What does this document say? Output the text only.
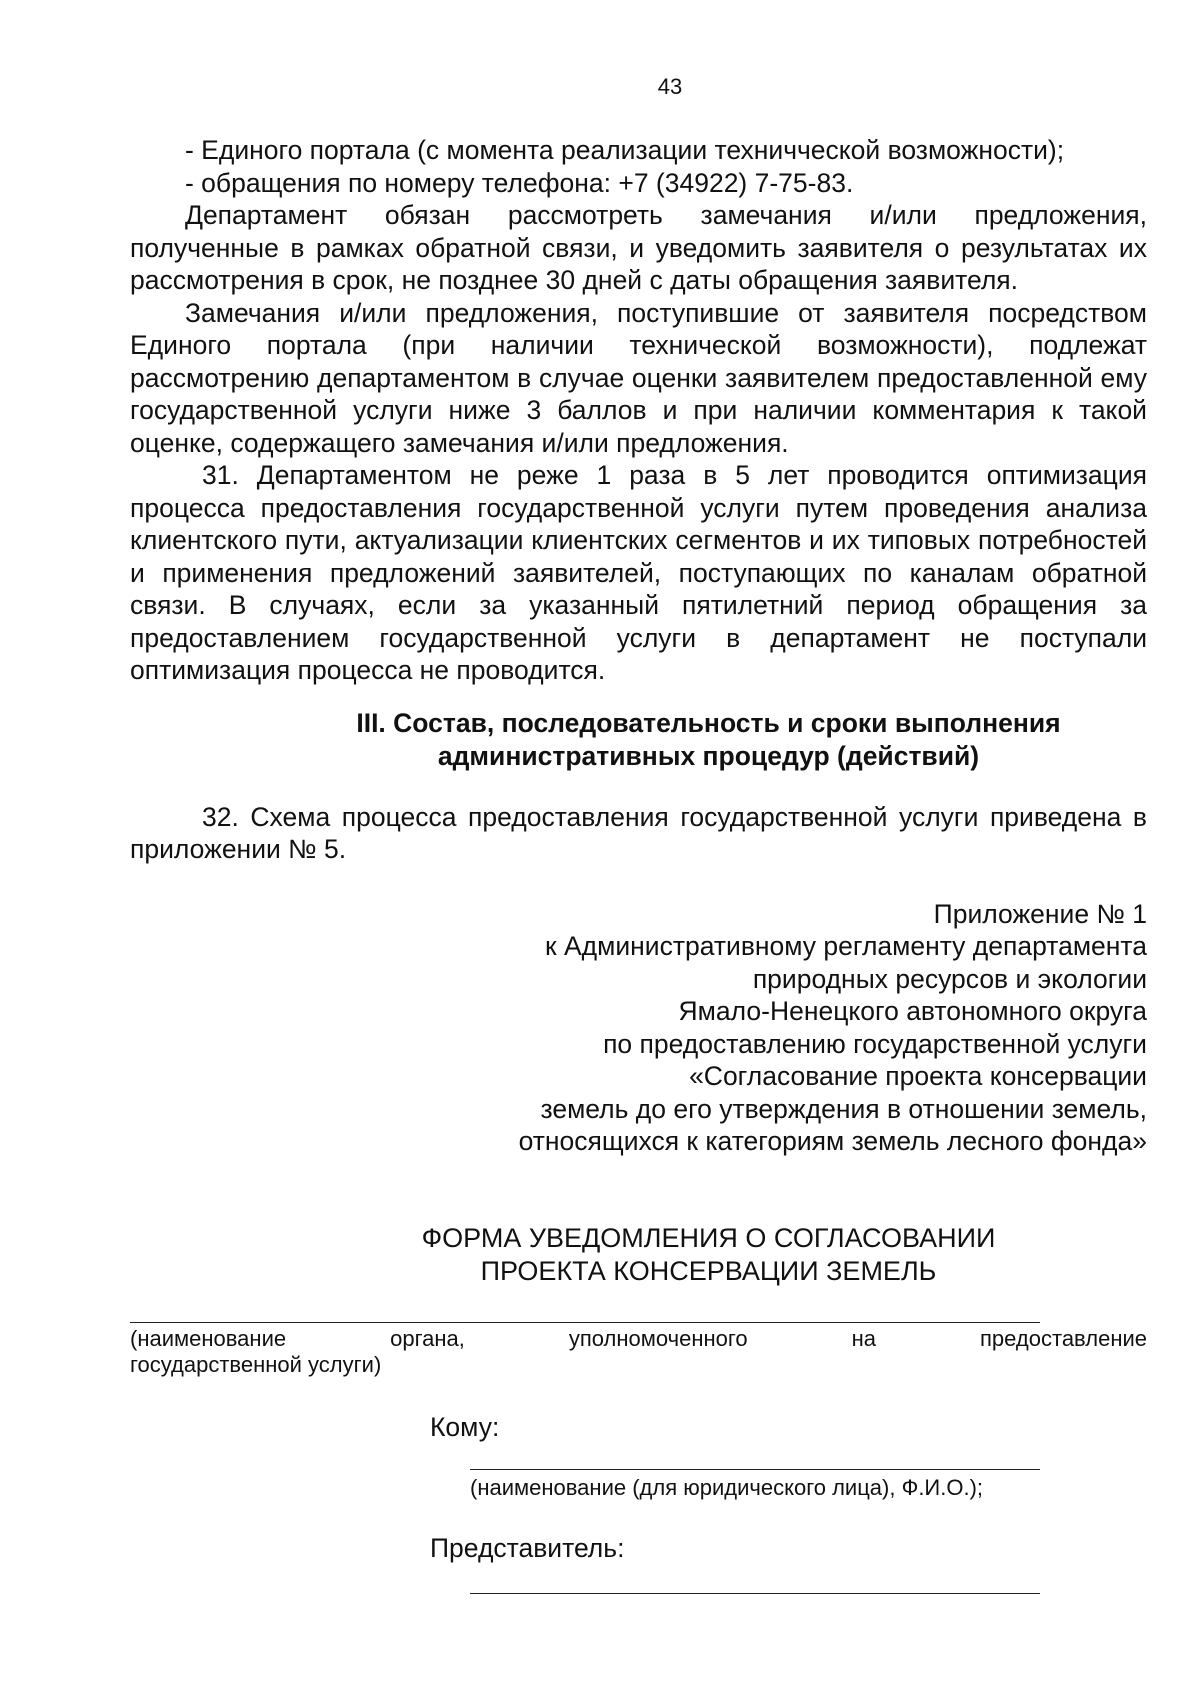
43

- Единого портала (с момента реализации техничческой возможности);

- обращения по номеру телефона: +7 (34922) 7-75-83.

Департамент обязан рассмотреть замечания и/или предложения, полученные в рамках обратной связи, и уведомить заявителя о результатах их рассмотрения в срок, не позднее 30 дней с даты обращения заявителя.

Замечания и/или предложения, поступившие от заявителя посредством Единого портала (при наличии технической возможности), подлежат рассмотрению департаментом в случае оценки заявителем предоставленной ему государственной услуги ниже 3 баллов и при наличии комментария к такой оценке, содержащего замечания и/или предложения.

31. Департаментом не реже 1 раза в 5 лет проводится оптимизация процесса предоставления государственной услуги путем проведения анализа клиентского пути, актуализации клиентских сегментов и их типовых потребностей и применения предложений заявителей, поступающих по каналам обратной связи. В случаях, если за указанный пятилетний период обращения за предоставлением государственной услуги в департамент не поступали оптимизация процесса не проводится.

III. Состав, последовательность и сроки выполнения
административных процедур (действий)

32. Схема процесса предоставления государственной услуги приведена в приложении № 5.

Приложение № 1
к Административному регламенту департамента
природных ресурсов и экологии
Ямало-Ненецкого автономного округа
по предоставлению государственной услуги
«Согласование проекта консервации
земель до его утверждения в отношении земель,
относящихся к категориям земель лесного фонда»
ФОРМА УВЕДОМЛЕНИЯ О СОГЛАСОВАНИИ
ПРОЕКТА КОНСЕРВАЦИИ ЗЕМЕЛЬ
(наименование органа, уполномоченного на предоставление
государственной услуги)
Кому:
(наименование (для юридического лица), Ф.И.О.);
Представитель:
